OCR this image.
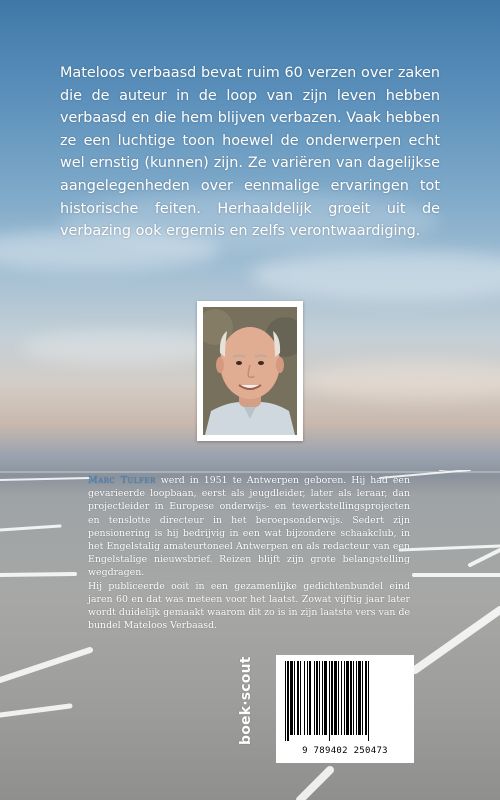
Mateloos verbaasd bevat ruim 60 verzen over zaken die de auteur in de loop van zijn leven hebben verbaasd en die hem blijven verbazen. Vaak hebben ze een luchtige toon hoewel de onderwerpen echt wel ernstig (kunnen) zijn. Ze variëren van dagelijkse aangelegenheden over eenmalige ervaringen tot historische feiten. Herhaaldelijk groeit uit de verbazing ook ergernis en zelfs verontwaardiging.

Marc Tulfer werd in 1951 te Antwerpen geboren. Hij had een gevarieerde loopbaan, eerst als jeugdleider, later als leraar, dan projectleider in Europese onderwijs- en tewerkstellingsprojecten en tenslotte directeur in het beroepsonderwijs. Sedert zijn pensionering is hij bedrijvig in een wat bijzondere schaakclub, in het Engelstalig amateurtoneel Antwerpen en als redacteur van een Engelstalige nieuwsbrief. Reizen blijft zijn grote belangstelling wegdragen.

Hij publiceerde ooit in een gezamenlijke gedichtenbundel eind jaren 60 en dat was meteen voor het laatst. Zowat vijftig jaar later wordt duidelijk gemaakt waarom dit zo is in zijn laatste vers van de bundel Mateloos Verbaasd.

boek·scout
9 789402 250473
